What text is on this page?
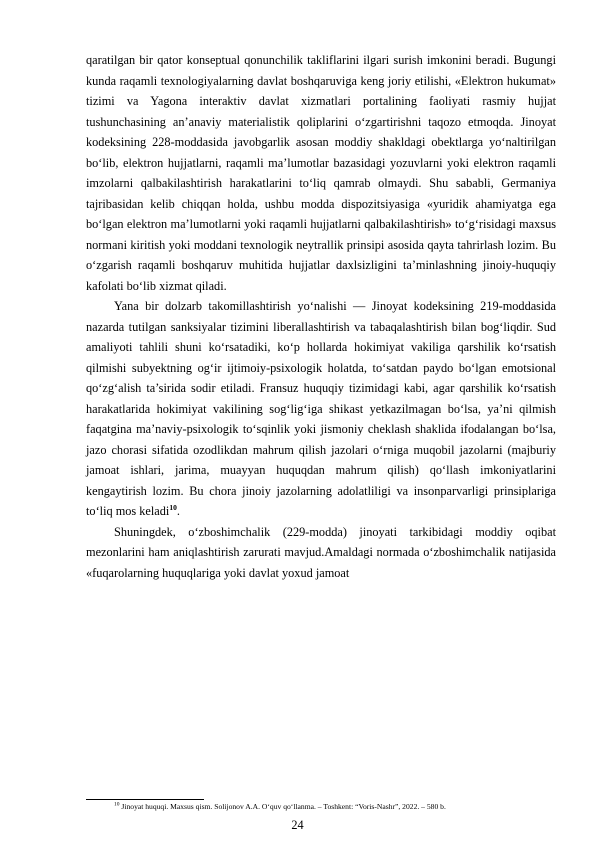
qaratilgan bir qator konseptual qonunchilik takliflarini ilgari surish imkonini beradi. Bugungi kunda raqamli texnologiyalarning davlat boshqaruviga keng joriy etilishi, «Elektron hukumat» tizimi va Yagona interaktiv davlat xizmatlari portalining faoliyati rasmiy hujjat tushunchasining an’anaviy materialistik qoliplarini o‘zgartirishni taqozo etmoqda. Jinoyat kodeksining 228-moddasida javobgarlik asosan moddiy shakldagi obektlarga yo‘naltirilgan bo‘lib, elektron hujjatlarni, raqamli ma’lumotlar bazasidagi yozuvlarni yoki elektron raqamli imzolarni qalbakilashtirish harakatlarini to‘liq qamrab olmaydi. Shu sababli, Germaniya tajribasidan kelib chiqqan holda, ushbu modda dispozitsiyasiga «yuridik ahamiyatga ega bo‘lgan elektron ma’lumotlarni yoki raqamli hujjatlarni qalbakilashtirish» to‘g‘risidagi maxsus normani kiritish yoki moddani texnologik neytrallik prinsipi asosida qayta tahrirlash lozim. Bu o‘zgarish raqamli boshqaruv muhitida hujjatlar daxlsizligini ta’minlashning jinoiy-huquqiy kafolati bo‘lib xizmat qiladi.

Yana bir dolzarb takomillashtirish yo‘nalishi — Jinoyat kodeksining 219-moddasida nazarda tutilgan sanksiyalar tizimini liberallashtirish va tabaqalashtirish bilan bog‘liqdir. Sud amaliyoti tahlili shuni ko‘rsatadiki, ko‘p hollarda hokimiyat vakiliga qarshilik ko‘rsatish qilmishi subyektning og‘ir ijtimoiy-psixologik holatda, to‘satdan paydo bo‘lgan emotsional qo‘zg‘alish ta’sirida sodir etiladi. Fransuz huquqiy tizimidagi kabi, agar qarshilik ko‘rsatish harakatlarida hokimiyat vakilining sog‘lig‘iga shikast yetkazilmagan bo‘lsa, ya’ni qilmish faqatgina ma’naviy-psixologik to‘sqinlik yoki jismoniy cheklash shaklida ifodalangan bo‘lsa, jazo chorasi sifatida ozodlikdan mahrum qilish jazolari o‘rniga muqobil jazolarni (majburiy jamoat ishlari, jarima, muayyan huquqdan mahrum qilish) qo‘llash imkoniyatlarini kengaytirish lozim. Bu chora jinoiy jazolarning adolatliligi va insonparvarligi prinsiplariga to‘liq mos keladi$^{10}$.

Shuningdek, o‘zboshimchalik (229-modda) jinoyati tarkibidagi moddiy oqibat mezonlarini ham aniqlashtirish zarurati mavjud.Amaldagi normada o‘zboshimchalik natijasida «fuqarolarning huquqlariga yoki davlat yoxud jamoat

$^{10}$ Jinoyat huquqi. Maxsus qism. Solijonov A.A. O‘quv qo‘llanma. – Toshkent: “Voris-Nashr”, 2022. – 580 b.
24
